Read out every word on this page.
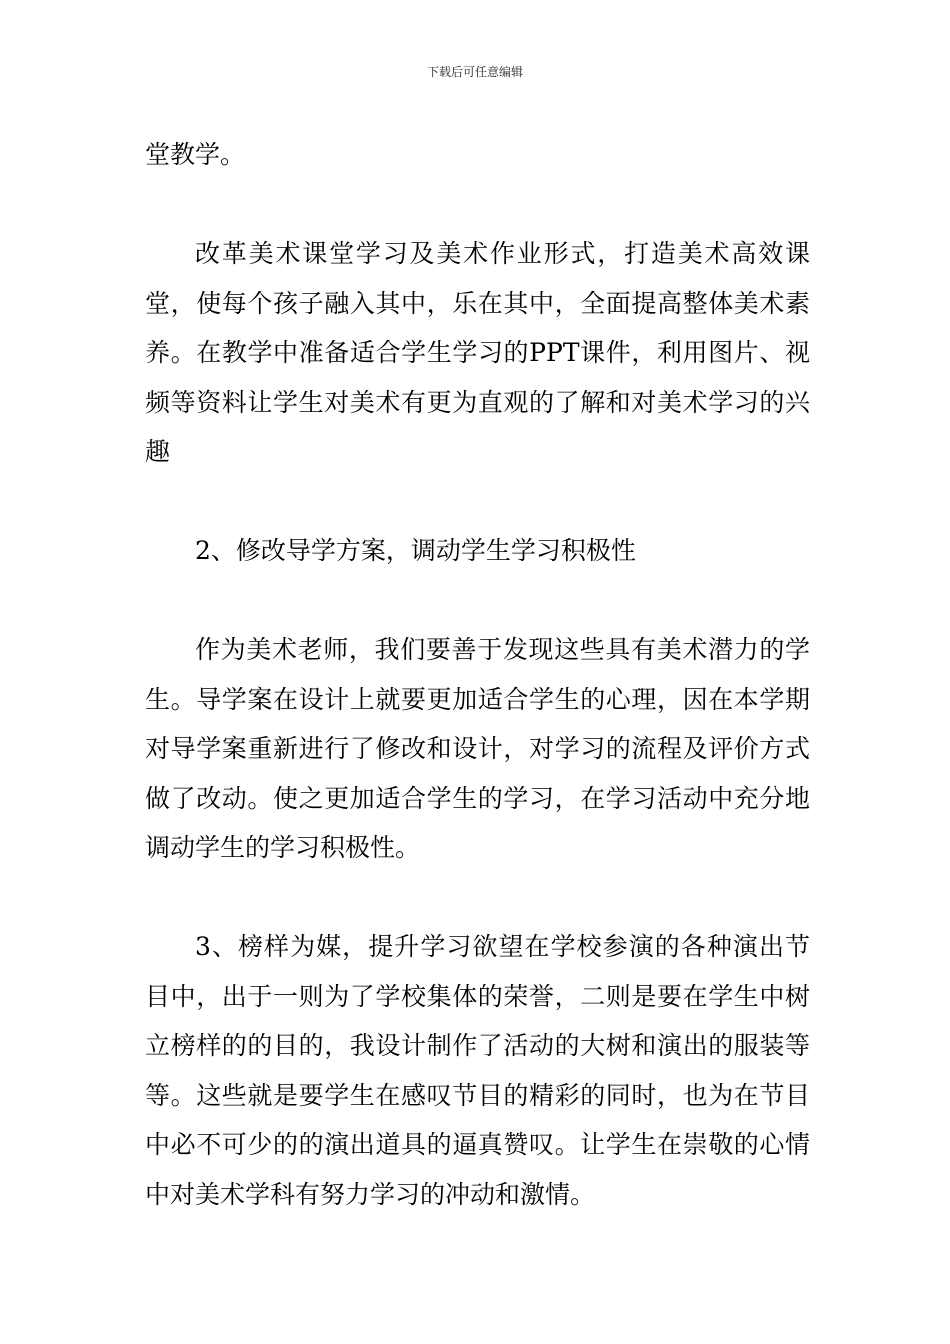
下载后可任意编辑

堂教学。

改革美术课堂学习及美术作业形式，打造美术高效课堂，使每个孩子融入其中，乐在其中，全面提高整体美术素养。在教学中准备适合学生学习的PPT课件，利用图片、视频等资料让学生对美术有更为直观的了解和对美术学习的兴趣

2、修改导学方案，调动学生学习积极性

作为美术老师，我们要善于发现这些具有美术潜力的学生。导学案在设计上就要更加适合学生的心理，因在本学期对导学案重新进行了修改和设计，对学习的流程及评价方式做了改动。使之更加适合学生的学习，在学习活动中充分地调动学生的学习积极性。

3、榜样为媒，提升学习欲望在学校参演的各种演出节目中，出于一则为了学校集体的荣誉，二则是要在学生中树立榜样的的目的，我设计制作了活动的大树和演出的服装等等。这些就是要学生在感叹节目的精彩的同时，也为在节目中必不可少的的演出道具的逼真赞叹。让学生在崇敬的心情中对美术学科有努力学习的冲动和激情。
